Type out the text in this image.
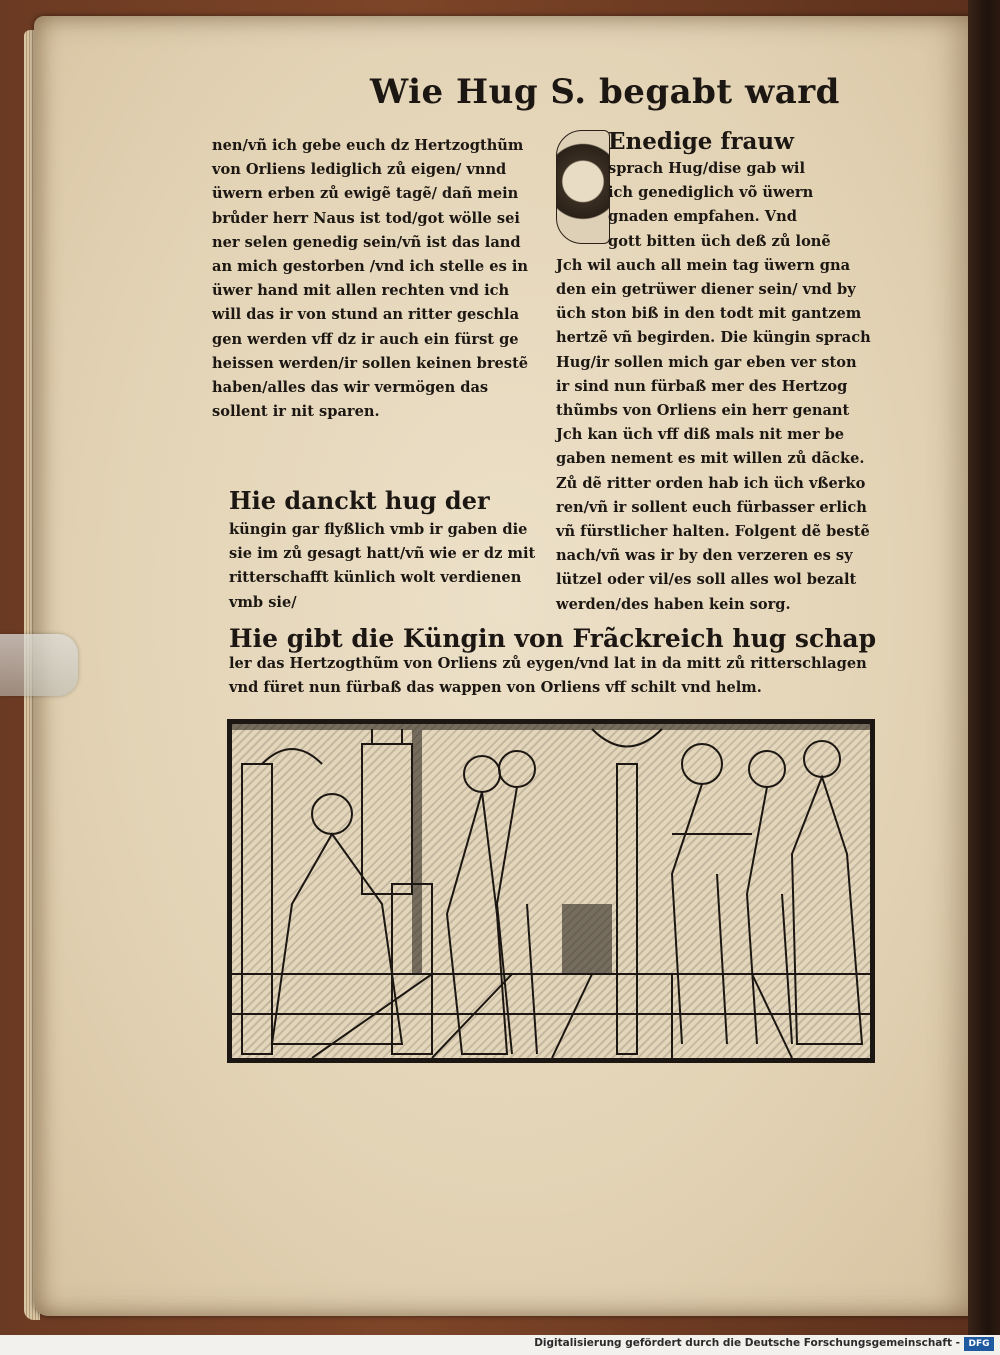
Wie Hug S. begabt ward
nen/vñ ich gebe euch dz Hertzogthũm
von Orliens lediglich zů eigen/ vnnd
üwern erben zů ewigẽ tagẽ/ dañ mein
brůder herr Naus ist tod/got wölle sei
ner selen genedig sein/vñ ist das land
an mich gestorben /vnd ich stelle es in
üwer hand mit allen rechten vnd ich
will das ir von stund an ritter geschla
gen werden vff dz ir auch ein fürst ge
heissen werden/ir sollen keinen brestẽ
haben/alles das wir vermögen das
sollent ir nit sparen.
Enedige frauw
sprach Hug/dise gab wil
ich genediglich võ üwern
gnaden empfahen. Vnd
gott bitten üch deß zů lonẽ
Jch wil auch all mein tag üwern gna
den ein getrüwer diener sein/ vnd by
üch ston biß in den todt mit gantzem
hertzẽ vñ begirden. Die küngin sprach
Hug/ir sollen mich gar eben ver ston
ir sind nun fürbaß mer des Hertzog
thũmbs von Orliens ein herr genant
Jch kan üch vff diß mals nit mer be
gaben nement es mit willen zů dãcke.
Zů dẽ ritter orden hab ich üch vßerko
ren/vñ ir sollent euch fürbasser erlich
vñ fürstlicher halten. Folgent dẽ bestẽ
nach/vñ was ir by den verzeren es sy
lützel oder vil/es soll alles wol bezalt
werden/des haben kein sorg.
Hie danckt hug der
küngin gar flyßlich vmb ir gaben die
sie im zů gesagt hatt/vñ wie er dz mit
ritterschafft künlich wolt verdienen
vmb sie/
Hie gibt die Küngin von Frãckreich hug schap
ler das Hertzogthũm von Orliens zů eygen/vnd lat in da mitt zů ritterschlagen
vnd füret nun fürbaß das wappen von Orliens vff schilt vnd helm.
Digitalisierung gefördert durch die Deutsche Forschungsgemeinschaft - DFG
